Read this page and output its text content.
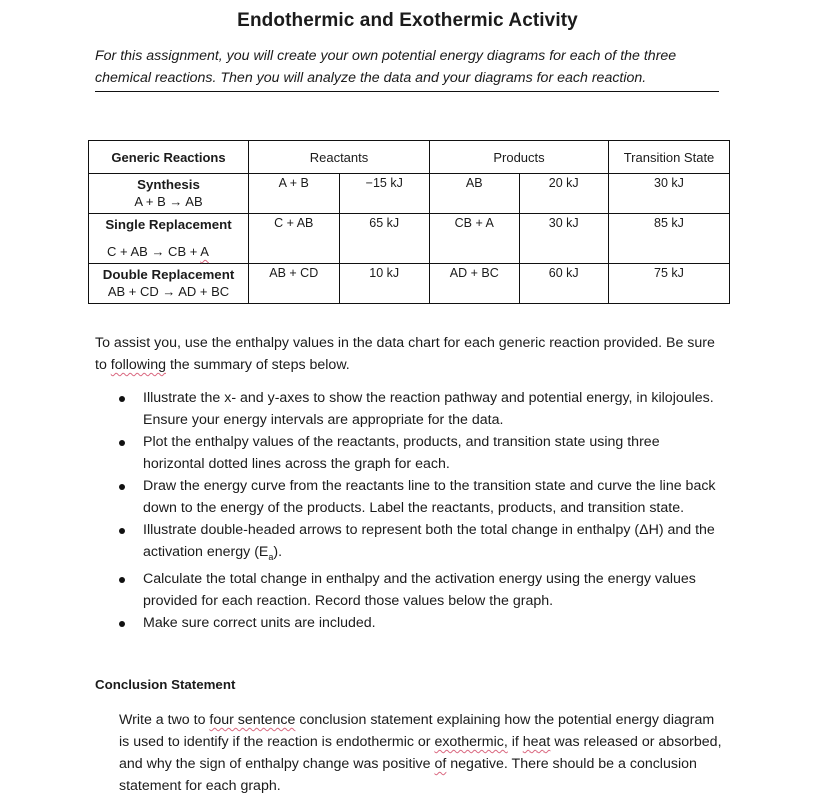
Endothermic and Exothermic Activity
For this assignment, you will create your own potential energy diagrams for each of the three chemical reactions. Then you will analyze the data and your diagrams for each reaction.
Generic Reactions	Reactants		Products		Transition State

Synthesis
A + B → AB	A + B	−15 kJ	AB	20 kJ	30 kJ

Single Replacement
C + AB → CB + A	C + AB	65 kJ	CB + A	30 kJ	85 kJ

Double Replacement
AB + CD → AD + BC	AB + CD	10 kJ	AD + BC	60 kJ	75 kJ
To assist you, use the enthalpy values in the data chart for each generic reaction provided. Be sure to following the summary of steps below.
Illustrate the x- and y-axes to show the reaction pathway and potential energy, in kilojoules. Ensure your energy intervals are appropriate for the data.
Plot the enthalpy values of the reactants, products, and transition state using three horizontal dotted lines across the graph for each.
Draw the energy curve from the reactants line to the transition state and curve the line back down to the energy of the products. Label the reactants, products, and transition state.
Illustrate double-headed arrows to represent both the total change in enthalpy (ΔH) and the activation energy $(E_a)$.
Calculate the total change in enthalpy and the activation energy using the energy values provided for each reaction. Record those values below the graph.
Make sure correct units are included.
Conclusion Statement
Write a two to four sentence conclusion statement explaining how the potential energy diagram is used to identify if the reaction is endothermic or exothermic, if heat was released or absorbed, and why the sign of enthalpy change was positive of negative. There should be a conclusion statement for each graph.
